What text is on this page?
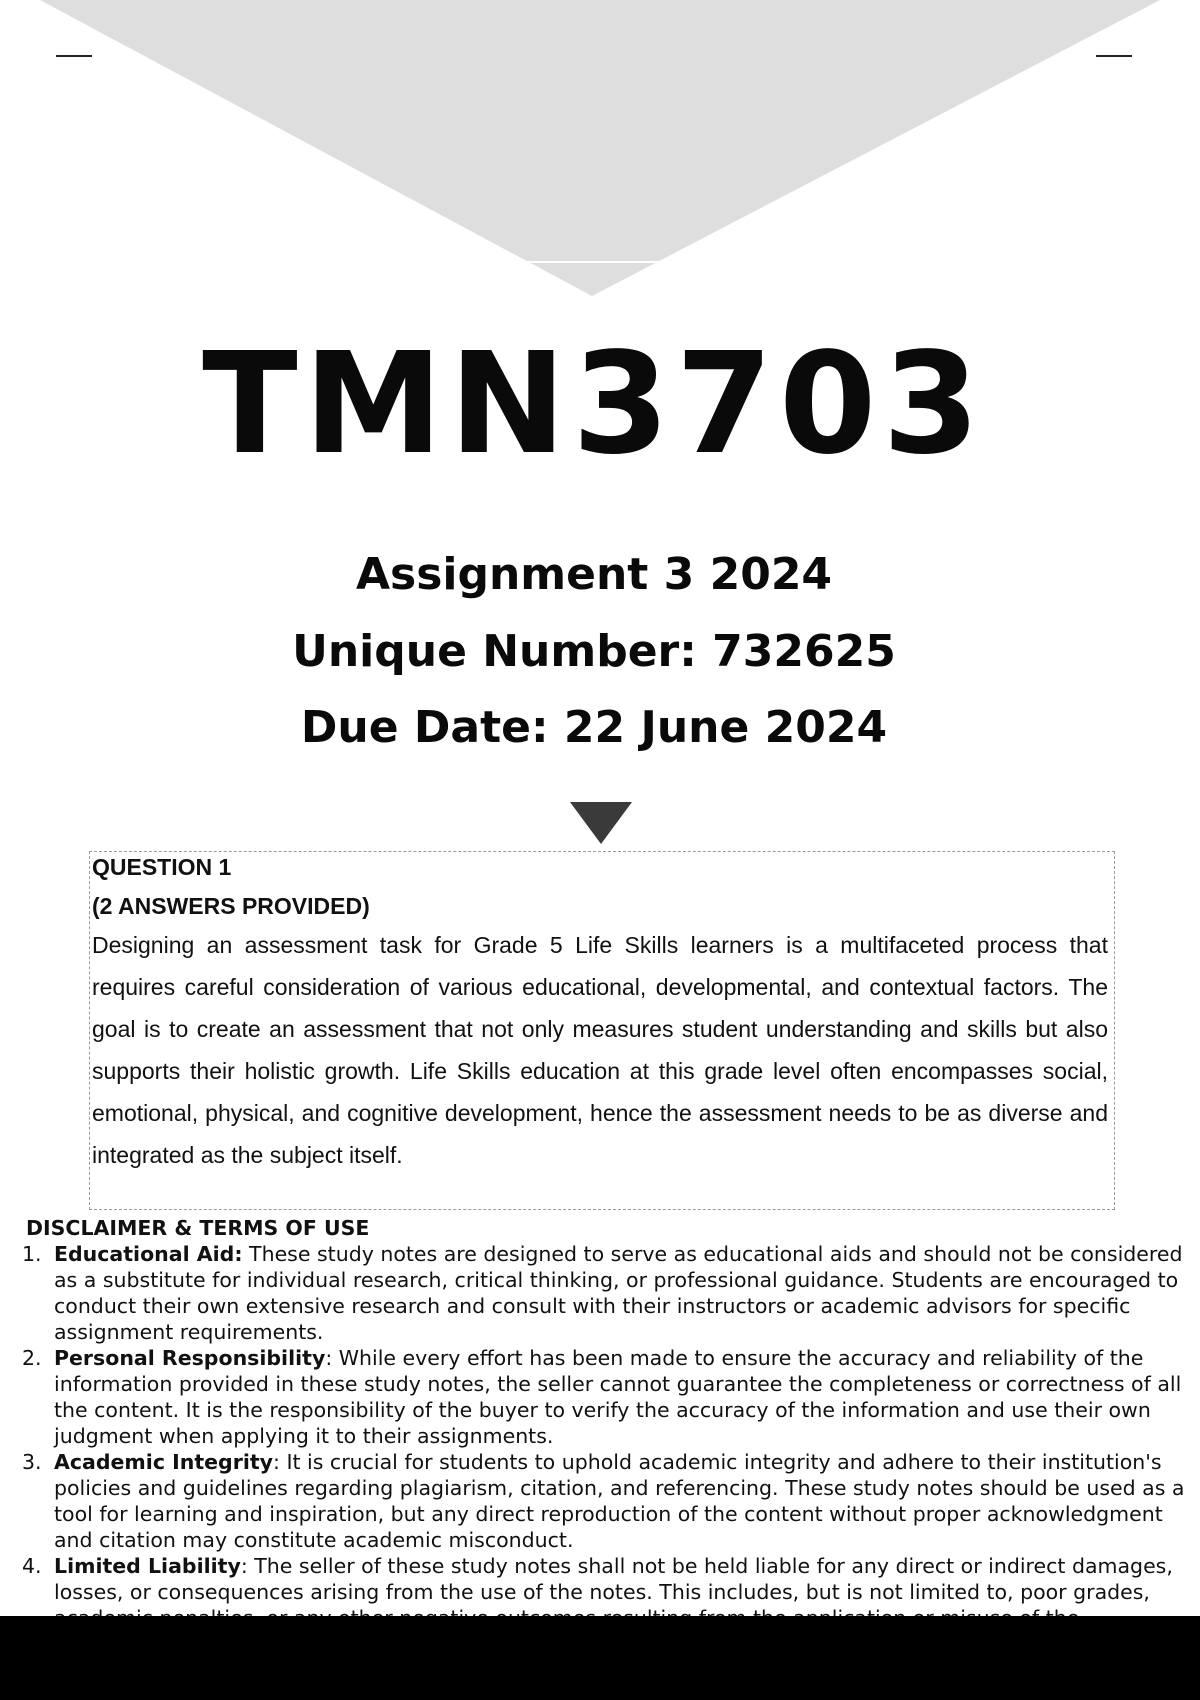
TMN3703
Assignment 3 2024
Unique Number: 732625
Due Date: 22 June 2024
QUESTION 1
(2 ANSWERS PROVIDED)
Designing an assessment task for Grade 5 Life Skills learners is a multifaceted process that requires careful consideration of various educational, developmental, and contextual factors. The goal is to create an assessment that not only measures student understanding and skills but also supports their holistic growth. Life Skills education at this grade level often encompasses social, emotional, physical, and cognitive development, hence the assessment needs to be as diverse and integrated as the subject itself.
DISCLAIMER & TERMS OF USE
1. Educational Aid: These study notes are designed to serve as educational aids and should not be considered as a substitute for individual research, critical thinking, or professional guidance. Students are encouraged to conduct their own extensive research and consult with their instructors or academic advisors for specific assignment requirements.
2. Personal Responsibility: While every effort has been made to ensure the accuracy and reliability of the information provided in these study notes, the seller cannot guarantee the completeness or correctness of all the content. It is the responsibility of the buyer to verify the accuracy of the information and use their own judgment when applying it to their assignments.
3. Academic Integrity: It is crucial for students to uphold academic integrity and adhere to their institution's policies and guidelines regarding plagiarism, citation, and referencing. These study notes should be used as a tool for learning and inspiration, but any direct reproduction of the content without proper acknowledgment and citation may constitute academic misconduct.
4. Limited Liability: The seller of these study notes shall not be held liable for any direct or indirect damages, losses, or consequences arising from the use of the notes. This includes, but is not limited to, poor grades,
